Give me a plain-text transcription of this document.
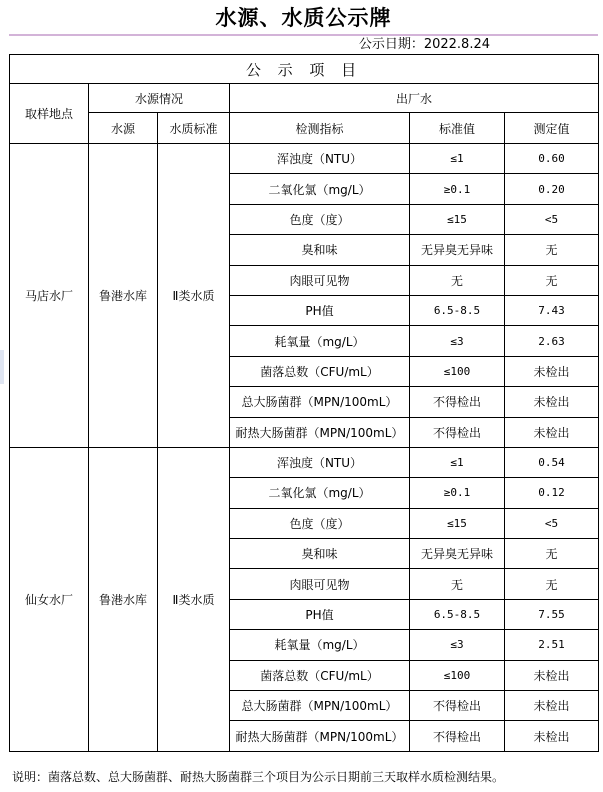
水源、水质公示牌
公示日期：2022.8.24
公 示 项 目					
取样地点	水源情况		出厂水		
	水源	水质标准	检测指标	标准值	测定值
马店水厂	鲁港水库	Ⅱ类水质	浑浊度（NTU）	≤1	0.60
			二氧化氯（mg/L）	≥0.1	0.20
			色度（度）	≤15	<5
			臭和味	无异臭无异味	无
			肉眼可见物	无	无
			PH值	6.5-8.5	7.43
			耗氧量（mg/L）	≤3	2.63
			菌落总数（CFU/mL）	≤100	未检出
			总大肠菌群（MPN/100mL）	不得检出	未检出
			耐热大肠菌群（MPN/100mL）	不得检出	未检出
仙女水厂	鲁港水库	Ⅱ类水质	浑浊度（NTU）	≤1	0.54
			二氧化氯（mg/L）	≥0.1	0.12
			色度（度）	≤15	<5
			臭和味	无异臭无异味	无
			肉眼可见物	无	无
			PH值	6.5-8.5	7.55
			耗氧量（mg/L）	≤3	2.51
			菌落总数（CFU/mL）	≤100	未检出
			总大肠菌群（MPN/100mL）	不得检出	未检出
			耐热大肠菌群（MPN/100mL）	不得检出	未检出
说明：菌落总数、总大肠菌群、耐热大肠菌群三个项目为公示日期前三天取样水质检测结果。
